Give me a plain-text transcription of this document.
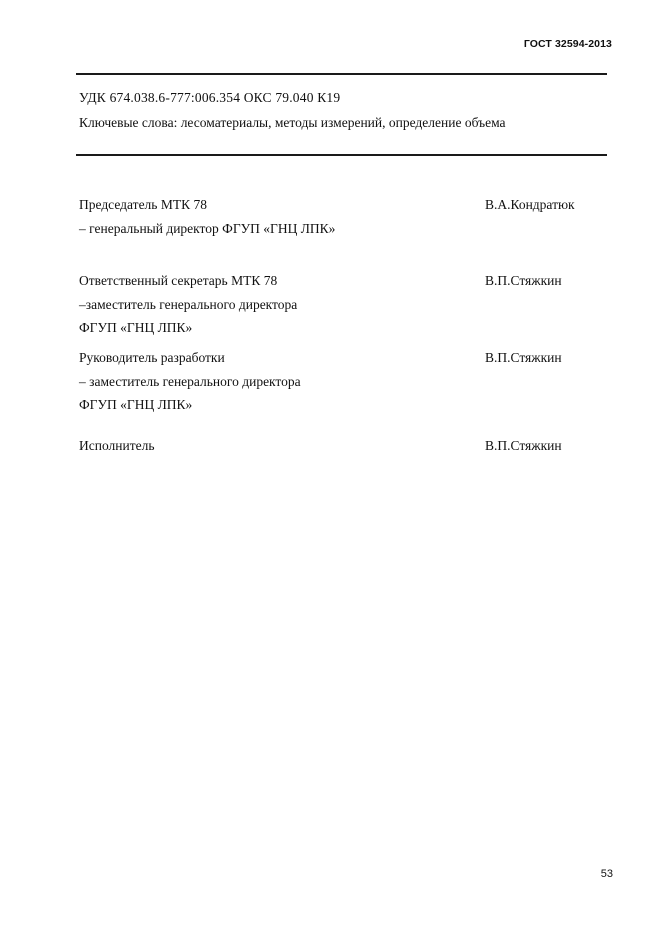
ГОСТ 32594-2013
УДК 674.038.6-777:006.354 ОКС 79.040 К19
Ключевые слова: лесоматериалы, методы измерений, определение объема
Председатель МТК 78
– генеральный директор ФГУП «ГНЦ ЛПК»
В.А.Кондратюк
Ответственный секретарь МТК 78
–заместитель генерального директора
ФГУП «ГНЦ ЛПК»
В.П.Стяжкин
Руководитель разработки
– заместитель генерального директора
ФГУП «ГНЦ ЛПК»
В.П.Стяжкин
Исполнитель	В.П.Стяжкин
53
